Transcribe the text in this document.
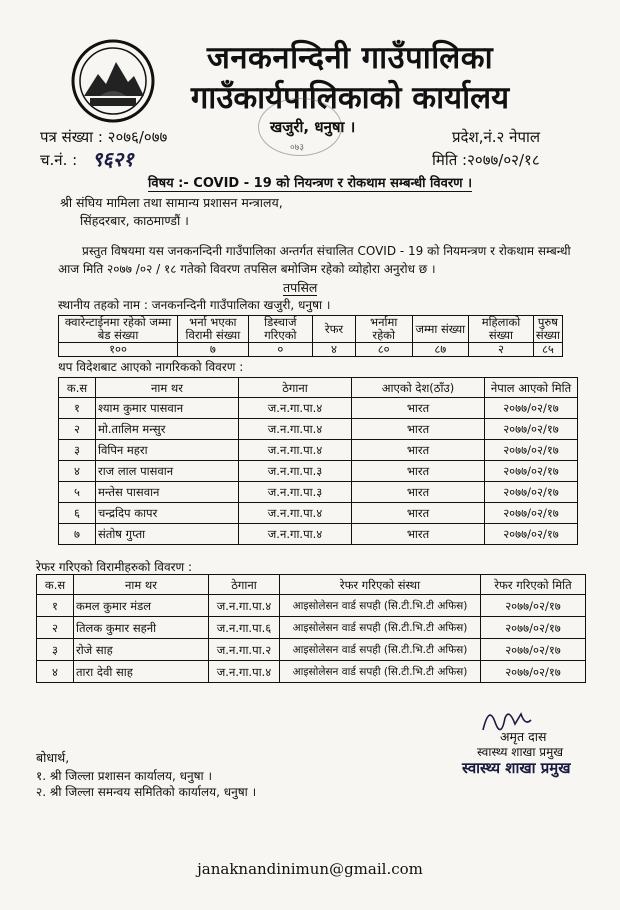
जनकनन्दिनी गाउँपालिका
गाउँकार्यपालिकाको कार्यालय
खजुरी, धनुषा ।
०७३
पत्र संख्या : २०७६/०७७
च.नं. : ९६२१
प्रदेश,नं.२ नेपाल
मिति :२०७७/०२/१८
विषय :- COVID - 19 को नियन्त्रण र रोकथाम सम्बन्धी विवरण ।
श्री संघिय मामिला तथा सामान्य प्रशासन मन्त्रालय,
सिंहदरबार, काठमाण्डौं ।
प्रस्तुत विषयमा यस जनकनन्दिनी गाउँपालिका अन्तर्गत संचालित COVID - 19 को नियमन्त्रण र रोकथाम सम्बन्धी
आज मिति २०७७ /०२ / १८ गतेको विवरण तपसिल बमोजिम रहेको व्योहोरा अनुरोध छ ।
तपसिल
स्थानीय तहको नाम : जनकनन्दिनी गाउँपालिका खजुरी, धनुषा ।
क्वारेन्टाईनमा रहेको जम्मा बेड संख्या	भर्ना भएका विरामी संख्या	डिस्चार्ज गरिएको	रेफर	भर्नामा रहेको	जम्मा संख्या	महिलाको संख्या	पुरुष संख्या
१००	७	०	४	८०	८७	२	८५
थप विदेशबाट आएको नागरिकको विवरण :
क.स	नाम थर	ठेगाना	आएको देश(ठाँउ)	नेपाल आएको मिति
१	श्याम कुमार पासवान	ज.न.गा.पा.४	भारत	२०७७/०२/१७
२	मो.तालिम मन्सुर	ज.न.गा.पा.४	भारत	२०७७/०२/१७
३	विपिन महरा	ज.न.गा.पा.४	भारत	२०७७/०२/१७
४	राज लाल पासवान	ज.न.गा.पा.३	भारत	२०७७/०२/१७
५	मन्तेस पासवान	ज.न.गा.पा.३	भारत	२०७७/०२/१७
६	चन्द्रदिप कापर	ज.न.गा.पा.४	भारत	२०७७/०२/१७
७	संतोष गुप्ता	ज.न.गा.पा.४	भारत	२०७७/०२/१७
रेफर गरिएको विरामीहरुको विवरण :
क.स	नाम थर	ठेगाना	रेफर गरिएको संस्था	रेफर गरिएको मिति
१	कमल कुमार मंडल	ज.न.गा.पा.४	आइसोलेसन वार्ड सपही (सि.टी.भि.टी अफिस)	२०७७/०२/१७
२	तिलक कुमार सहनी	ज.न.गा.पा.६	आइसोलेसन वार्ड सपही (सि.टी.भि.टी अफिस)	२०७७/०२/१७
३	रोजे साह	ज.न.गा.पा.२	आइसोलेसन वार्ड सपही (सि.टी.भि.टी अफिस)	२०७७/०२/१७
४	तारा देवी साह	ज.न.गा.पा.४	आइसोलेसन वार्ड सपही (सि.टी.भि.टी अफिस)	२०७७/०२/१७
अमृत दास
स्वास्थ्य शाखा प्रमुख
स्वास्थ्य शाखा प्रमुख
बोधार्थ,
१. श्री जिल्ला प्रशासन कार्यालय, धनुषा ।
२. श्री जिल्ला समन्वय समितिको कार्यालय, धनुषा ।
janaknandinimun@gmail.com
